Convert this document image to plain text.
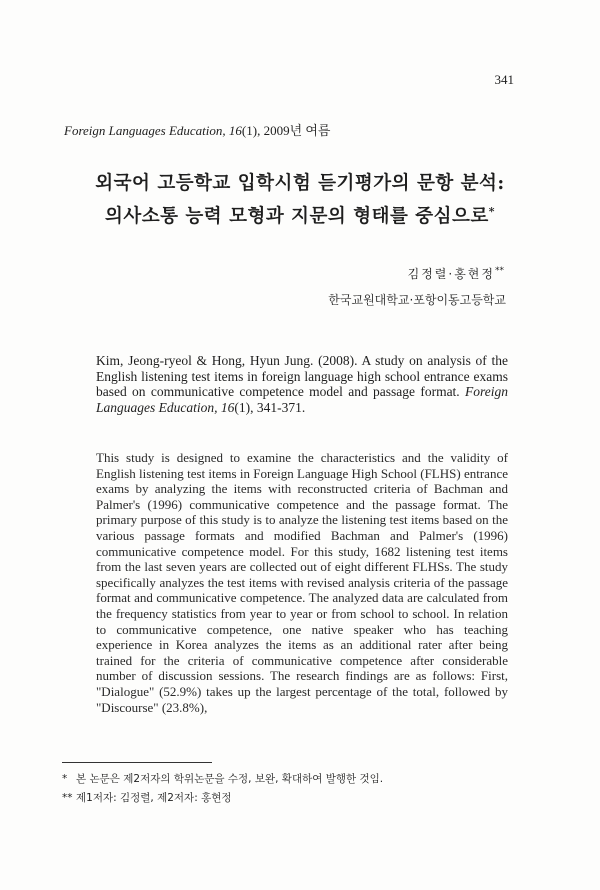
341
Foreign Languages Education, 16(1), 2009년 여름
외국어 고등학교 입학시험 듣기평가의 문항 분석:
의사소통 능력 모형과 지문의 형태를 중심으로*
김정렬·홍현정**
한국교원대학교·포항이동고등학교
Kim, Jeong-ryeol & Hong, Hyun Jung. (2008). A study on analysis of the English listening test items in foreign language high school entrance exams based on communicative competence model and passage format. Foreign Languages Education, 16(1), 341-371.
This study is designed to examine the characteristics and the validity of English listening test items in Foreign Language High School (FLHS) entrance exams by analyzing the items with reconstructed criteria of Bachman and Palmer's (1996) communicative competence and the passage format. The primary purpose of this study is to analyze the listening test items based on the various passage formats and modified Bachman and Palmer's (1996) communicative competence model. For this study, 1682 listening test items from the last seven years are collected out of eight different FLHSs. The study specifically analyzes the test items with revised analysis criteria of the passage format and communicative competence. The analyzed data are calculated from the frequency statistics from year to year or from school to school. In relation to communicative competence, one native speaker who has teaching experience in Korea analyzes the items as an additional rater after being trained for the criteria of communicative competence after considerable number of discussion sessions. The research findings are as follows: First, "Dialogue" (52.9%) takes up the largest percentage of the total, followed by "Discourse" (23.8%),
* 본 논문은 제2저자의 학위논문을 수정, 보완, 확대하여 발행한 것임.
** 제1저자: 김정렬, 제2저자: 홍현정
